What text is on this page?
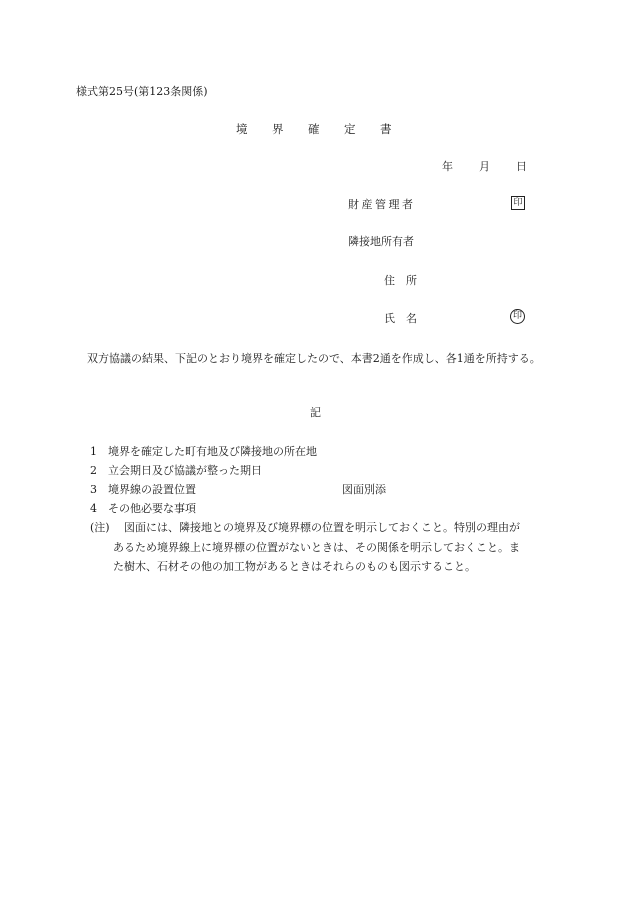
様式第25号(第123条関係)
境	界	確	定	書
年	月	日
財産管理者	印
隣接地所有者
住　所
氏　名	印
双方協議の結果、下記のとおり境界を確定したので、本書2通を作成し、各1通を所持する。
記
1　境界を確定した町有地及び隣接地の所在地
2　立会期日及び協議が整った期日
3　境界線の設置位置	図面別添
4　その他必要な事項
(注) 図面には、隣接地との境界及び境界標の位置を明示しておくこと。特別の理由が
あるため境界線上に境界標の位置がないときは、その関係を明示しておくこと。ま
た樹木、石材その他の加工物があるときはそれらのものも図示すること。
